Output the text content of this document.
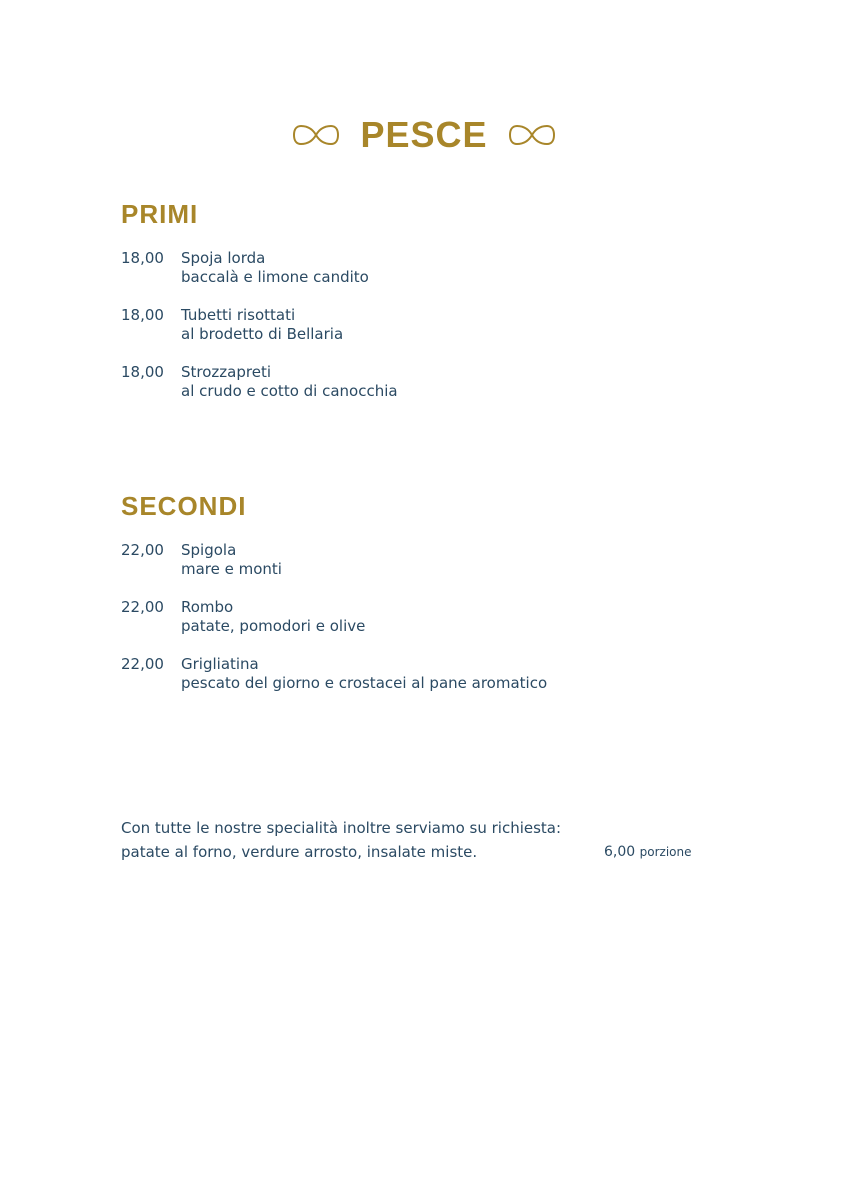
PESCE
PRIMI
18,00	Spoja lorda
baccalà e limone candito
18,00	Tubetti risottati
al brodetto di Bellaria
18,00	Strozzapreti
al crudo e cotto di canocchia
SECONDI
22,00	Spigola
mare e monti
22,00	Rombo
patate, pomodori e olive
22,00	Grigliatina
pescato del giorno e crostacei al pane aromatico
Con tutte le nostre specialità inoltre serviamo su richiesta:
patate al forno, verdure arrosto, insalate miste.	6,00 porzione
